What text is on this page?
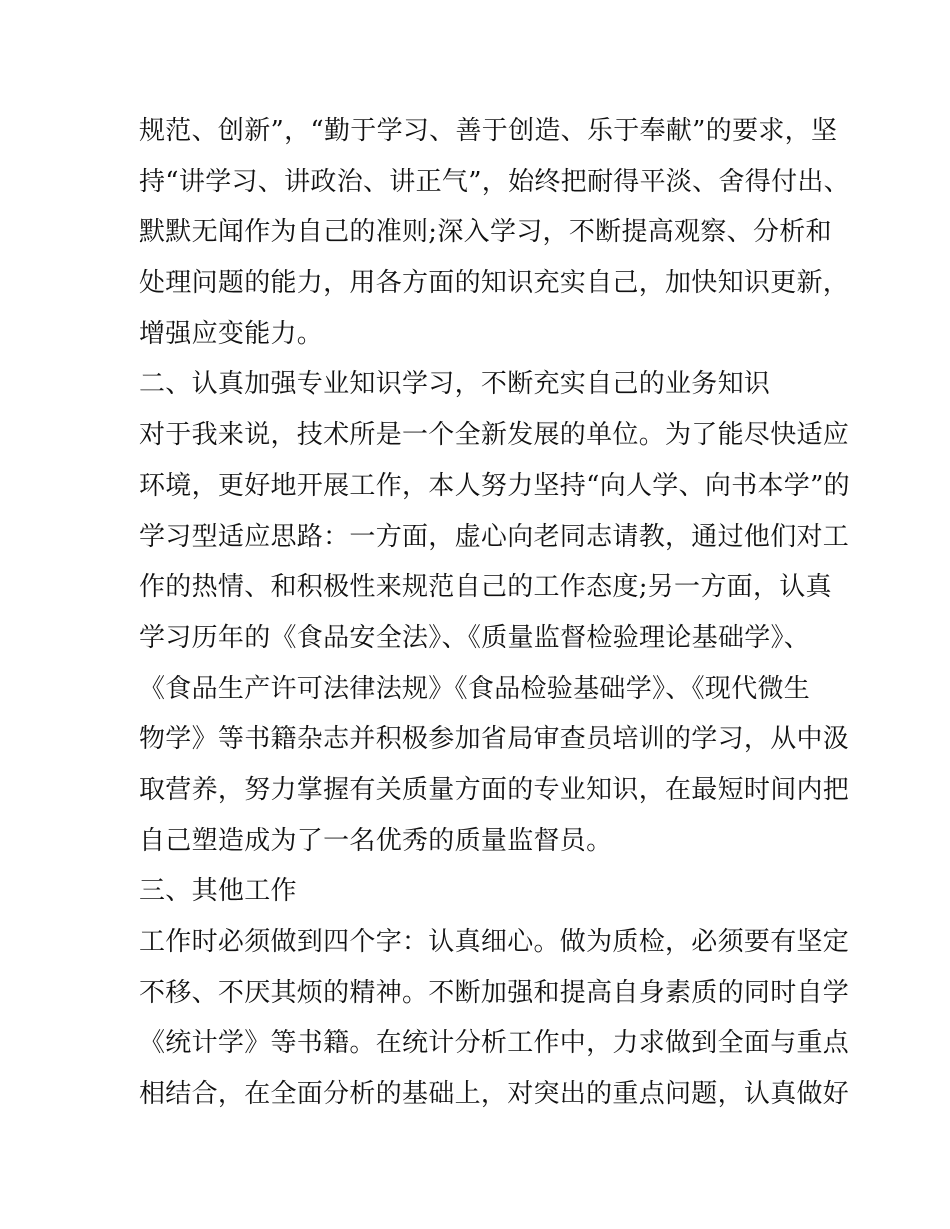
规范、创新”，“勤于学习、善于创造、乐于奉献”的要求，坚
持“讲学习、讲政治、讲正气”，始终把耐得平淡、舍得付出、
默默无闻作为自己的准则;深入学习，不断提高观察、分析和
处理问题的能力，用各方面的知识充实自己，加快知识更新，
增强应变能力。
二、认真加强专业知识学习，不断充实自己的业务知识
对于我来说，技术所是一个全新发展的单位。为了能尽快适应
环境，更好地开展工作，本人努力坚持“向人学、向书本学”的
学习型适应思路：一方面，虚心向老同志请教，通过他们对工
作的热情、和积极性来规范自己的工作态度;另一方面，认真
学习历年的《食品安全法》、《质量监督检验理论基础学》、
《食品生产许可法律法规》《食品检验基础学》、《现代微生
物学》等书籍杂志并积极参加省局审查员培训的学习，从中汲
取营养，努力掌握有关质量方面的专业知识，在最短时间内把
自己塑造成为了一名优秀的质量监督员。
三、其他工作
工作时必须做到四个字：认真细心。做为质检，必须要有坚定
不移、不厌其烦的精神。不断加强和提高自身素质的同时自学
《统计学》等书籍。在统计分析工作中，力求做到全面与重点
相结合，在全面分析的基础上，对突出的重点问题，认真做好
